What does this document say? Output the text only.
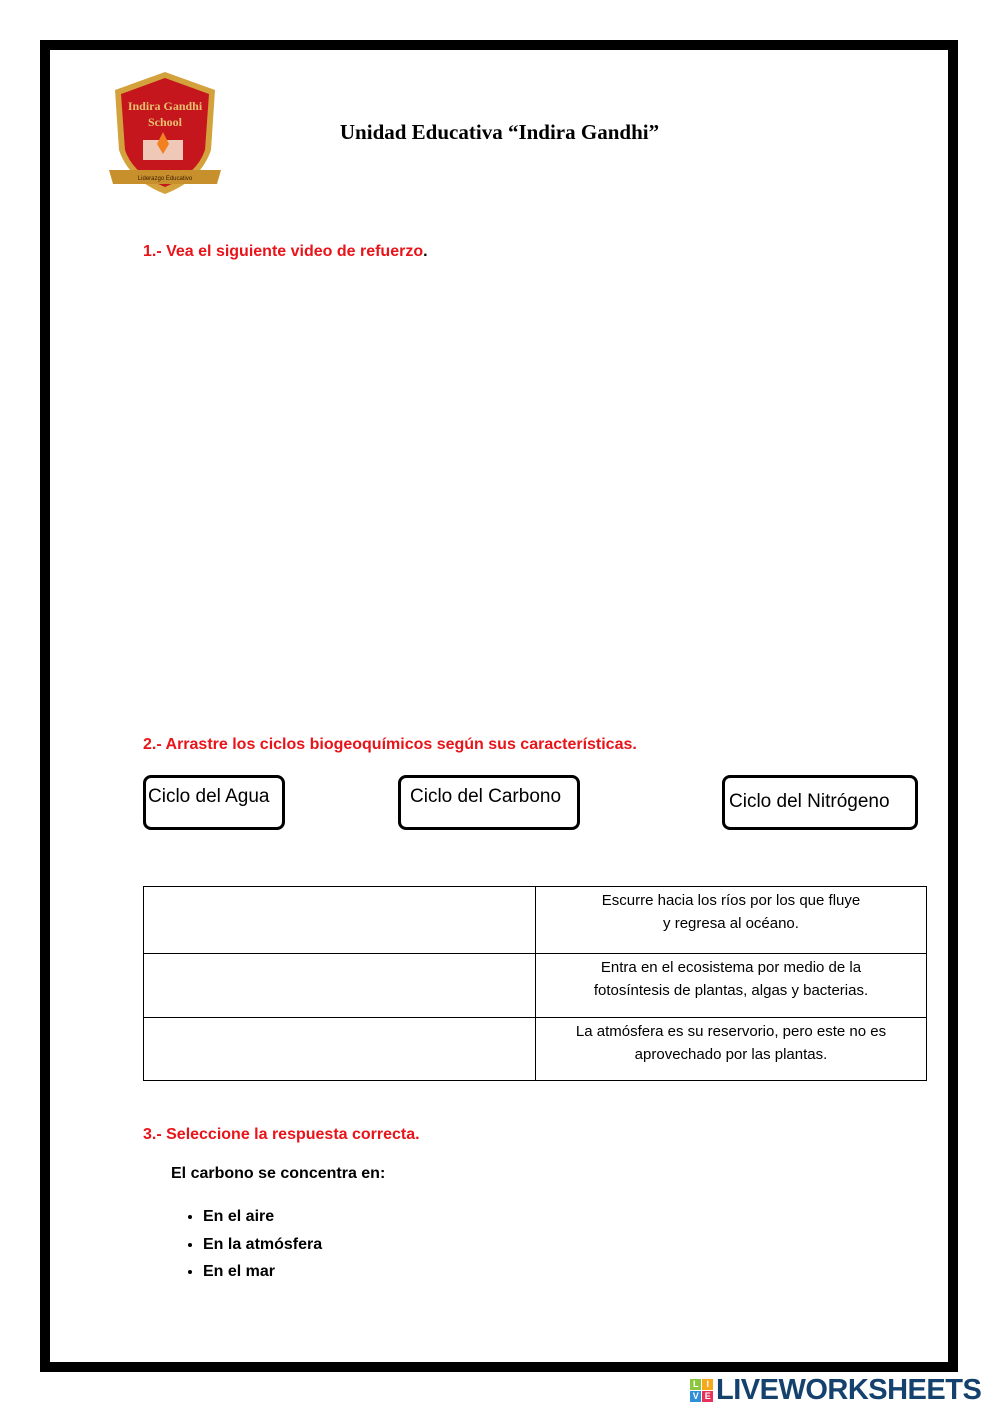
Indira Gandhi
School
Liderazgo Educativo
Unidad Educativa “Indira Gandhi”
1.- Vea el siguiente video de refuerzo.
2.- Arrastre los ciclos biogeoquímicos según sus características.
Ciclo del Agua	Ciclo del Carbono	Ciclo del Nitrógeno
	Escurre hacia los ríos por los que fluye
y regresa al océano.
	Entra en el ecosistema por medio de la
fotosíntesis de plantas, algas y bacterias.
	La atmósfera es su reservorio, pero este no es
aprovechado por las plantas.
3.- Seleccione la respuesta correcta.
El carbono se concentra en:
• En el aire
• En la atmósfera
• En el mar
L I
V E LIVEWORKSHEETS
